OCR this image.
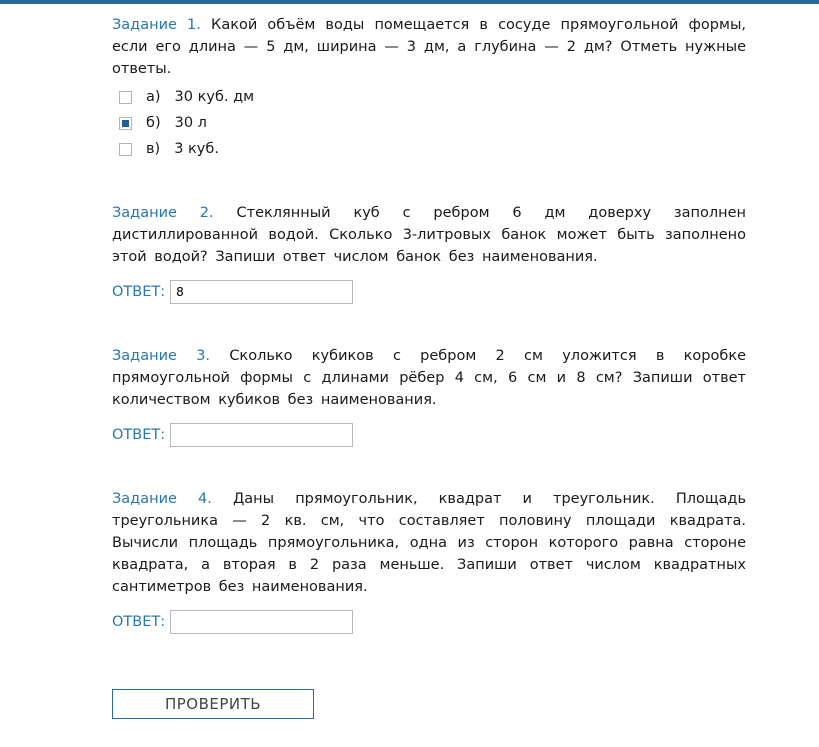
Задание 1. Какой объём воды помещается в сосуде прямоугольной формы, если его длина — 5 дм, ширина — 3 дм, а глубина — 2 дм? Отметь нужные ответы.
а) 30 куб. дм
б) 30 л
в) 3 куб.
Задание 2. Стеклянный куб с ребром 6 дм доверху заполнен дистиллированной водой. Сколько 3-литровых банок может быть заполнено этой водой? Запиши ответ числом банок без наименования.
ОТВЕТ:
8
Задание 3. Сколько кубиков с ребром 2 см уложится в коробке прямоугольной формы с длинами рёбер 4 см, 6 см и 8 см? Запиши ответ количеством кубиков без наименования.
ОТВЕТ:
Задание 4. Даны прямоугольник, квадрат и треугольник. Площадь треугольника — 2 кв. см, что составляет половину площади квадрата. Вычисли площадь прямоугольника, одна из сторон которого равна стороне квадрата, а вторая в 2 раза меньше. Запиши ответ числом квадратных сантиметров без наименования.
ОТВЕТ:
ПРОВЕРИТЬ
